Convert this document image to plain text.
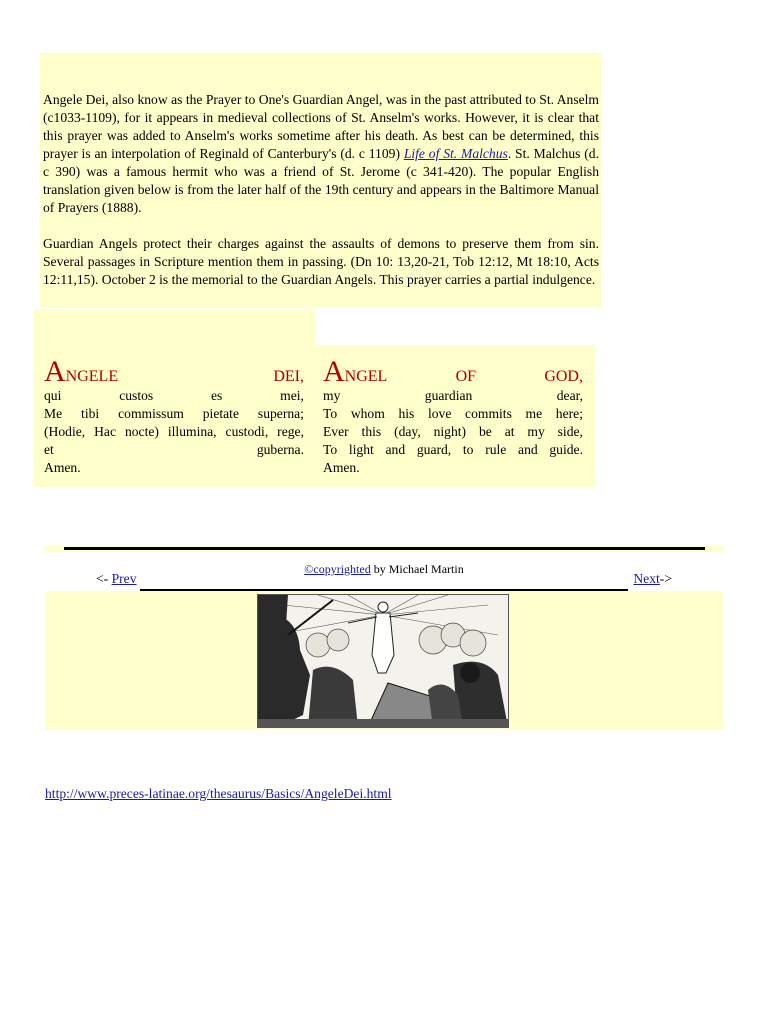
Angele Dei, also know as the Prayer to One's Guardian Angel, was in the past attributed to St. Anselm (c1033-1109), for it appears in medieval collections of St. Anselm's works. However, it is clear that this prayer was added to Anselm's works sometime after his death. As best can be determined, this prayer is an interpolation of Reginald of Canterbury's (d. c 1109) Life of St. Malchus. St. Malchus (d. c 390) was a famous hermit who was a friend of St. Jerome (c 341-420). The popular English translation given below is from the later half of the 19th century and appears in the Baltimore Manual of Prayers (1888).

Guardian Angels protect their charges against the assaults of demons to preserve them from sin. Several passages in Scripture mention them in passing. (Dn 10: 13,20-21, Tob 12:12, Mt 18:10, Acts 12:11,15). October 2 is the memorial to the Guardian Angels. This prayer carries a partial indulgence.

ANGELE	DEI,
qui	custos	es	mei,
Me tibi commissum pietate superna;
(Hodie, Hac nocte) illumina, custodi, rege,
et	guberna.
Amen.
ANGEL	OF	GOD,
my	guardian	dear,
To whom his love commits me here;
Ever this (day, night) be at my side,
To light and guard, to rule and guide.
Amen.
©copyrighted by Michael Martin
<- Prev	Next->
http://www.preces-latinae.org/thesaurus/Basics/AngeleDei.html
